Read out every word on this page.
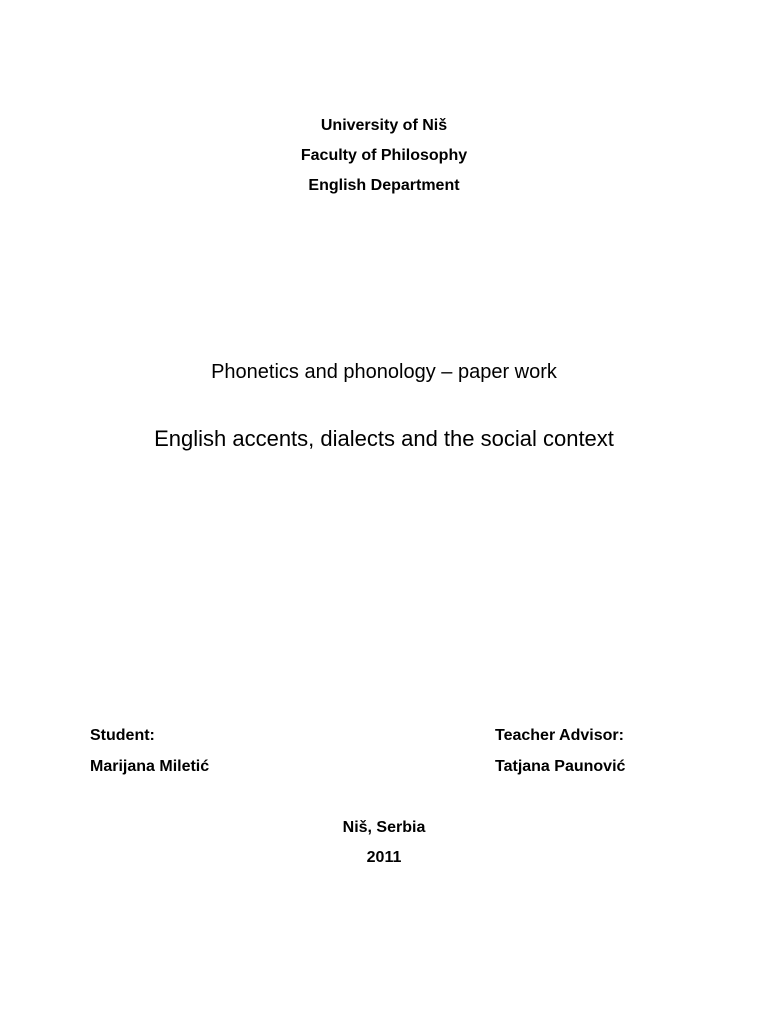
University of Niš
Faculty of Philosophy
English Department
Phonetics and phonology – paper work
English accents, dialects and the social context
Student:
Marijana Miletić
Teacher Advisor:
Tatjana Paunović
Niš, Serbia
2011
